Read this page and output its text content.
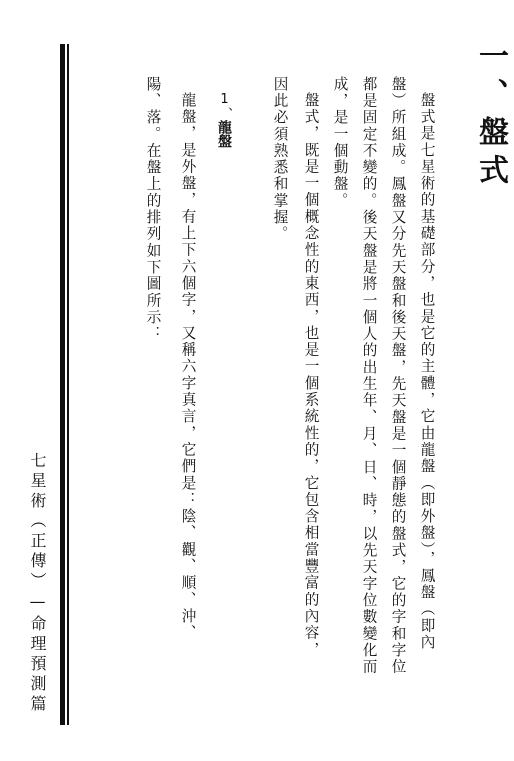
一、盤式
盤式是七星術的基礎部分，也是它的主體，它由龍盤（即外盤），鳳盤（即內
盤）所組成。鳳盤又分先天盤和後天盤，先天盤是一個靜態的盤式，它的字和字位
都是固定不變的。後天盤是將一個人的出生年、月、日、時，以先天字位數變化而
成，是一個動盤。
盤式，既是一個概念性的東西，也是一個系統性的，它包含相當豐富的內容，
因此必須熟悉和掌握。
1、龍盤
龍盤，是外盤，有上下六個字，又稱六字真言，它們是：陰、觀、順、沖、
陽、落。在盤上的排列如下圖所示：
七星術（正傳）—命理預測篇
